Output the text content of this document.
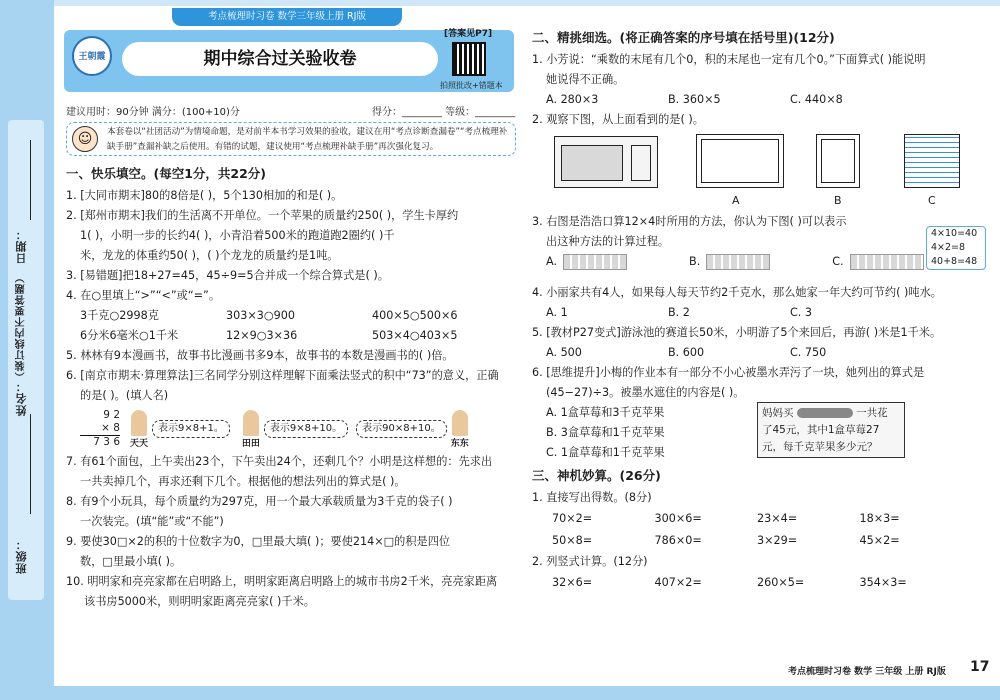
日期：
（装订线内不要答题）
姓名：
班级：
考点梳理时习卷 数学三年级上册 RJ版
王朝霞	期中综合过关验收卷
[答案见P7]
拍照批改+错题本
建议用时：90分钟 满分：(100+10)分	得分：________ 等级：________
本套卷以“社团活动”为情境命题，是对前半本书学习效果的验收，建议在用“考点诊断查漏卷”“考点梳理补缺手册”查漏补缺之后使用。有错的试题，建议使用“考点梳理补缺手册”再次强化复习。
☺
一、快乐填空。(每空1分，共22分)
1. [大同市期末]80的8倍是( )，5个130相加的和是( )。
2. [郑州市期末]我们的生活离不开单位。一个苹果的质量约250( )，学生卡厚约
1( )，小明一步的长约4( )，小青沿着500米的跑道跑2圈约( )千
米，龙龙的体重约50( )，( )个龙龙的质量约是1吨。
3. [易错题]把18+27=45，45÷9=5合并成一个综合算式是( )。
4. 在○里填上“>”“<”或“=”。
3千克○2998克	303×3○900	400×5○500×6
6分米6毫米○1千米	12×9○3×36	503×4○403×5
5. 林林有9本漫画书，故事书比漫画书多9本，故事书的本数是漫画书的( )倍。
6. [南京市期末·算理算法]三名同学分别这样理解下面乘法竖式的积中“73”的意义，正确
的是( )。(填人名)
9 2
× 8
7 3 6 天天
表示9×8+1。
田田
表示9×8+10。	表示90×8+10。
东东
7. 有61个面包，上午卖出23个，下午卖出24个，还剩几个？小明是这样想的：先求出
一共卖掉几个，再求还剩下几个。根据他的想法列出的算式是( )。
8. 有9个小玩具，每个质量约为297克，用一个最大承载质量为3千克的袋子( )
一次装完。(填“能”或“不能”)
9. 要使30□×2的积的十位数字为0，□里最大填( )；要使214×□的积是四位
数，□里最小填( )。
10. 明明家和亮亮家都在启明路上，明明家距离启明路上的城市书房2千米，亮亮家距离
该书房5000米，则明明家距离亮亮家( )千米。
二、精挑细选。(将正确答案的序号填在括号里)(12分)
1. 小芳说：“乘数的末尾有几个0，积的末尾也一定有几个0。”下面算式( )能说明
她说得不正确。
A. 280×3	B. 360×5	C. 440×8
2. 观察下图，从上面看到的是( )。
A	B	C
3. 右图是浩浩口算12×4时所用的方法，你认为下图( )可以表示
出这种方法的计算过程。
A.	B.	C.
4×10=40
4×2=8
40+8=48
4. 小丽家共有4人，如果每人每天节约2千克水，那么她家一年大约可节约( )吨水。
A. 1	B. 2	C. 3
5. [教材P27变式]游泳池的赛道长50米，小明游了5个来回后，再游( )米是1千米。
A. 500	B. 600	C. 750
6. [思维提升]小梅的作业本有一部分不小心被墨水弄污了一块，她列出的算式是
(45−27)÷3。被墨水遮住的内容是( )。
A. 1盒草莓和3千克苹果
B. 3盒草莓和1千克苹果
C. 1盒草莓和1千克苹果
妈妈买	一共花
了45元，其中1盒草莓27
元，每千克苹果多少元？
三、神机妙算。(26分)
1. 直接写出得数。(8分)
70×2=	300×6=	23×4=	18×3=
50×8=	786×0=	3×29=	45×2=
2. 列竖式计算。(12分)
32×6=	407×2=	260×5=	354×3=
考点梳理时习卷 数学 三年级 上册 RJ版 17
